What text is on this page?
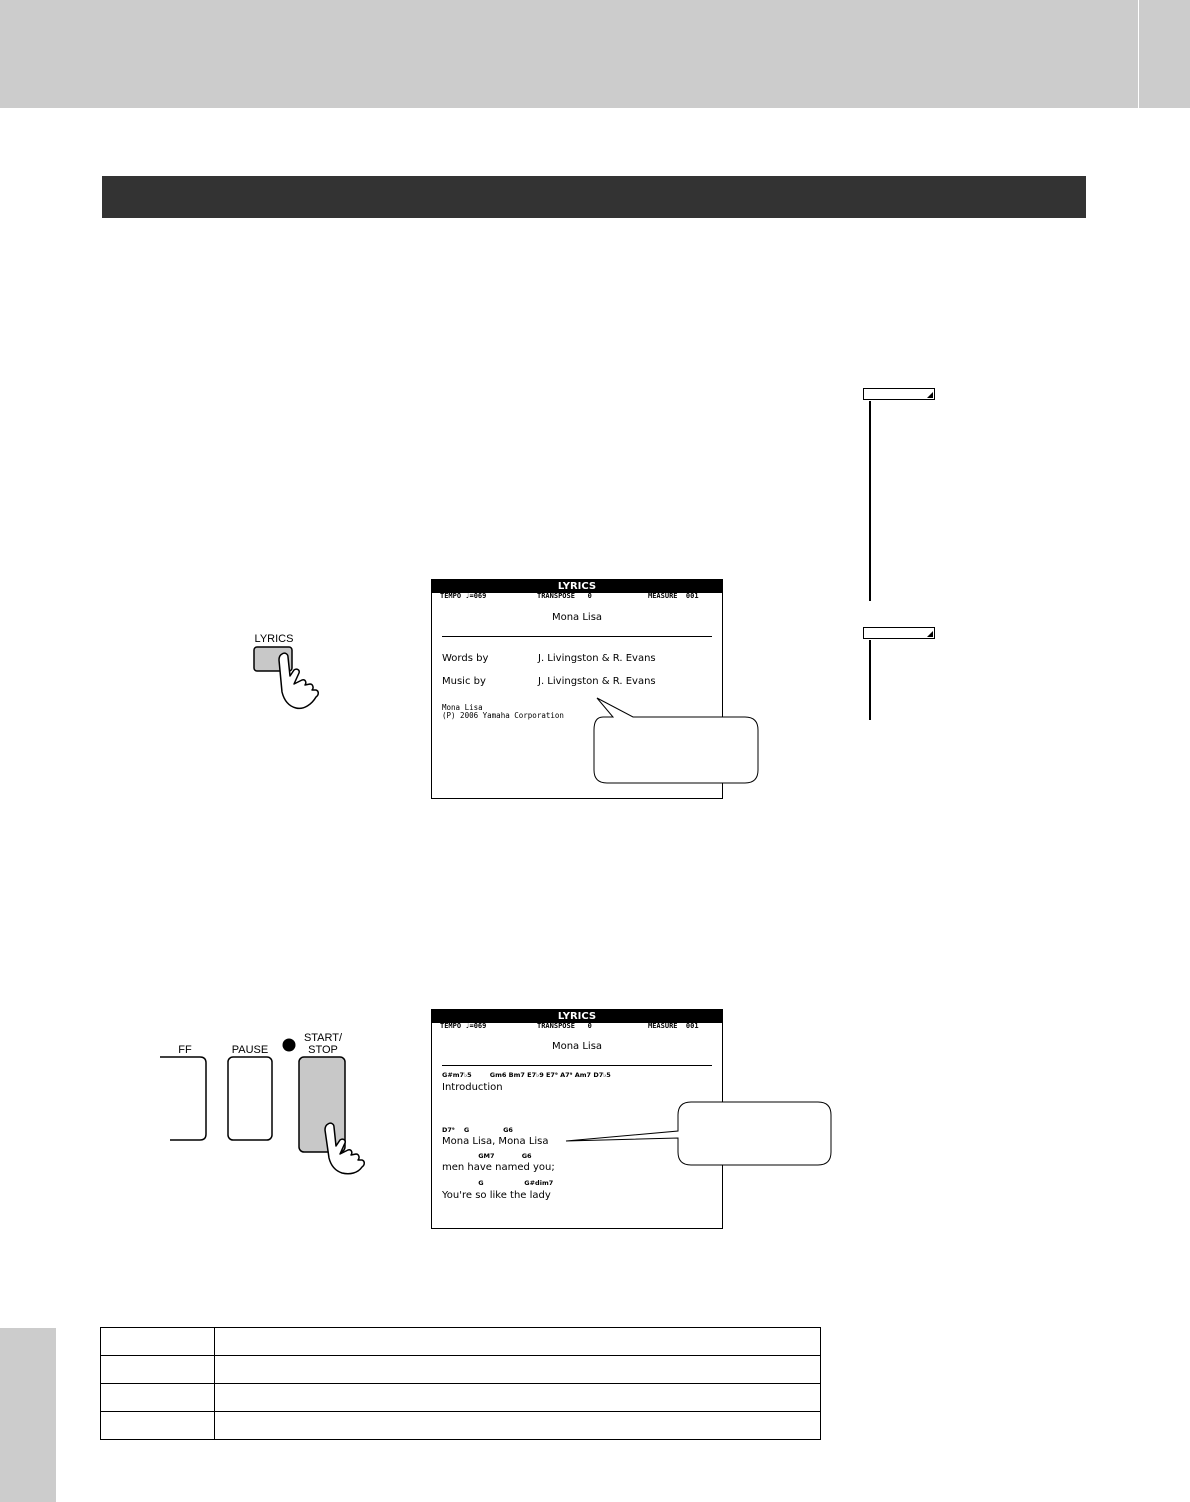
LYRICS
LYRICS
TEMPO ♩=069	TRANSPOSE   0	MEASURE  001
Mona Lisa
Words by	J. Livingston & R. Evans
Music by	J. Livingston & R. Evans
Mona Lisa
(P) 2006 Yamaha Corporation
FF	PAUSE
START/
STOP
LYRICS
TEMPO ♩=069	TRANSPOSE   0	MEASURE  001
Mona Lisa
G#m7♭5        Gm6 Bm7 E7♭9 E7⁹ A7⁹ Am7 D7♭5
Introduction
D7⁹    G               G6
Mona Lisa, Mona Lisa
GM7            G6
men have named you;
G                  G#dim7
You're so like the lady
